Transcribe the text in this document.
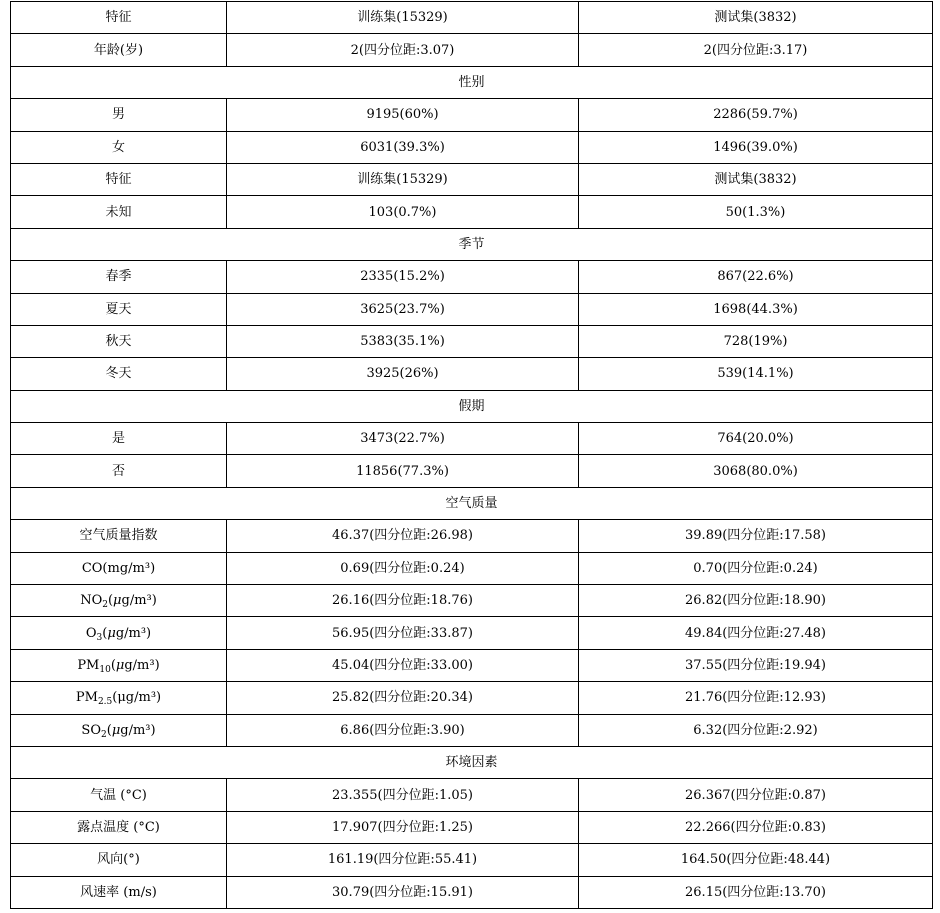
特征	训练集(15329)	测试集(3832)
年龄(岁)	2(四分位距:3.07)	2(四分位距:3.17)
性别		
男	9195(60%)	2286(59.7%)
女	6031(39.3%)	1496(39.0%)
特征	训练集(15329)	测试集(3832)
未知	103(0.7%)	50(1.3%)
季节		
春季	2335(15.2%)	867(22.6%)
夏天	3625(23.7%)	1698(44.3%)
秋天	5383(35.1%)	728(19%)
冬天	3925(26%)	539(14.1%)
假期		
是	3473(22.7%)	764(20.0%)
否	11856(77.3%)	3068(80.0%)
空气质量		
空气质量指数	46.37(四分位距:26.98)	39.89(四分位距:17.58)
CO(mg/m³)	0.69(四分位距:0.24)	0.70(四分位距:0.24)
$NO_2(\mu g/m^3)$	26.16(四分位距:18.76)	26.82(四分位距:18.90)
$O_3(\mu g/m^3)$	56.95(四分位距:33.87)	49.84(四分位距:27.48)
$PM_{10}(\mu g/m^3)$	45.04(四分位距:33.00)	37.55(四分位距:19.94)
$PM_{2.5}(\mu g/m^3)$	25.82(四分位距:20.34)	21.76(四分位距:12.93)
$SO_2(\mu g/m^3)$	6.86(四分位距:3.90)	6.32(四分位距:2.92)
环境因素		
气温 (°C)	23.355(四分位距:1.05)	26.367(四分位距:0.87)
露点温度 (°C)	17.907(四分位距:1.25)	22.266(四分位距:0.83)
风向(°)	161.19(四分位距:55.41)	164.50(四分位距:48.44)
风速率 (m/s)	30.79(四分位距:15.91)	26.15(四分位距:13.70)
